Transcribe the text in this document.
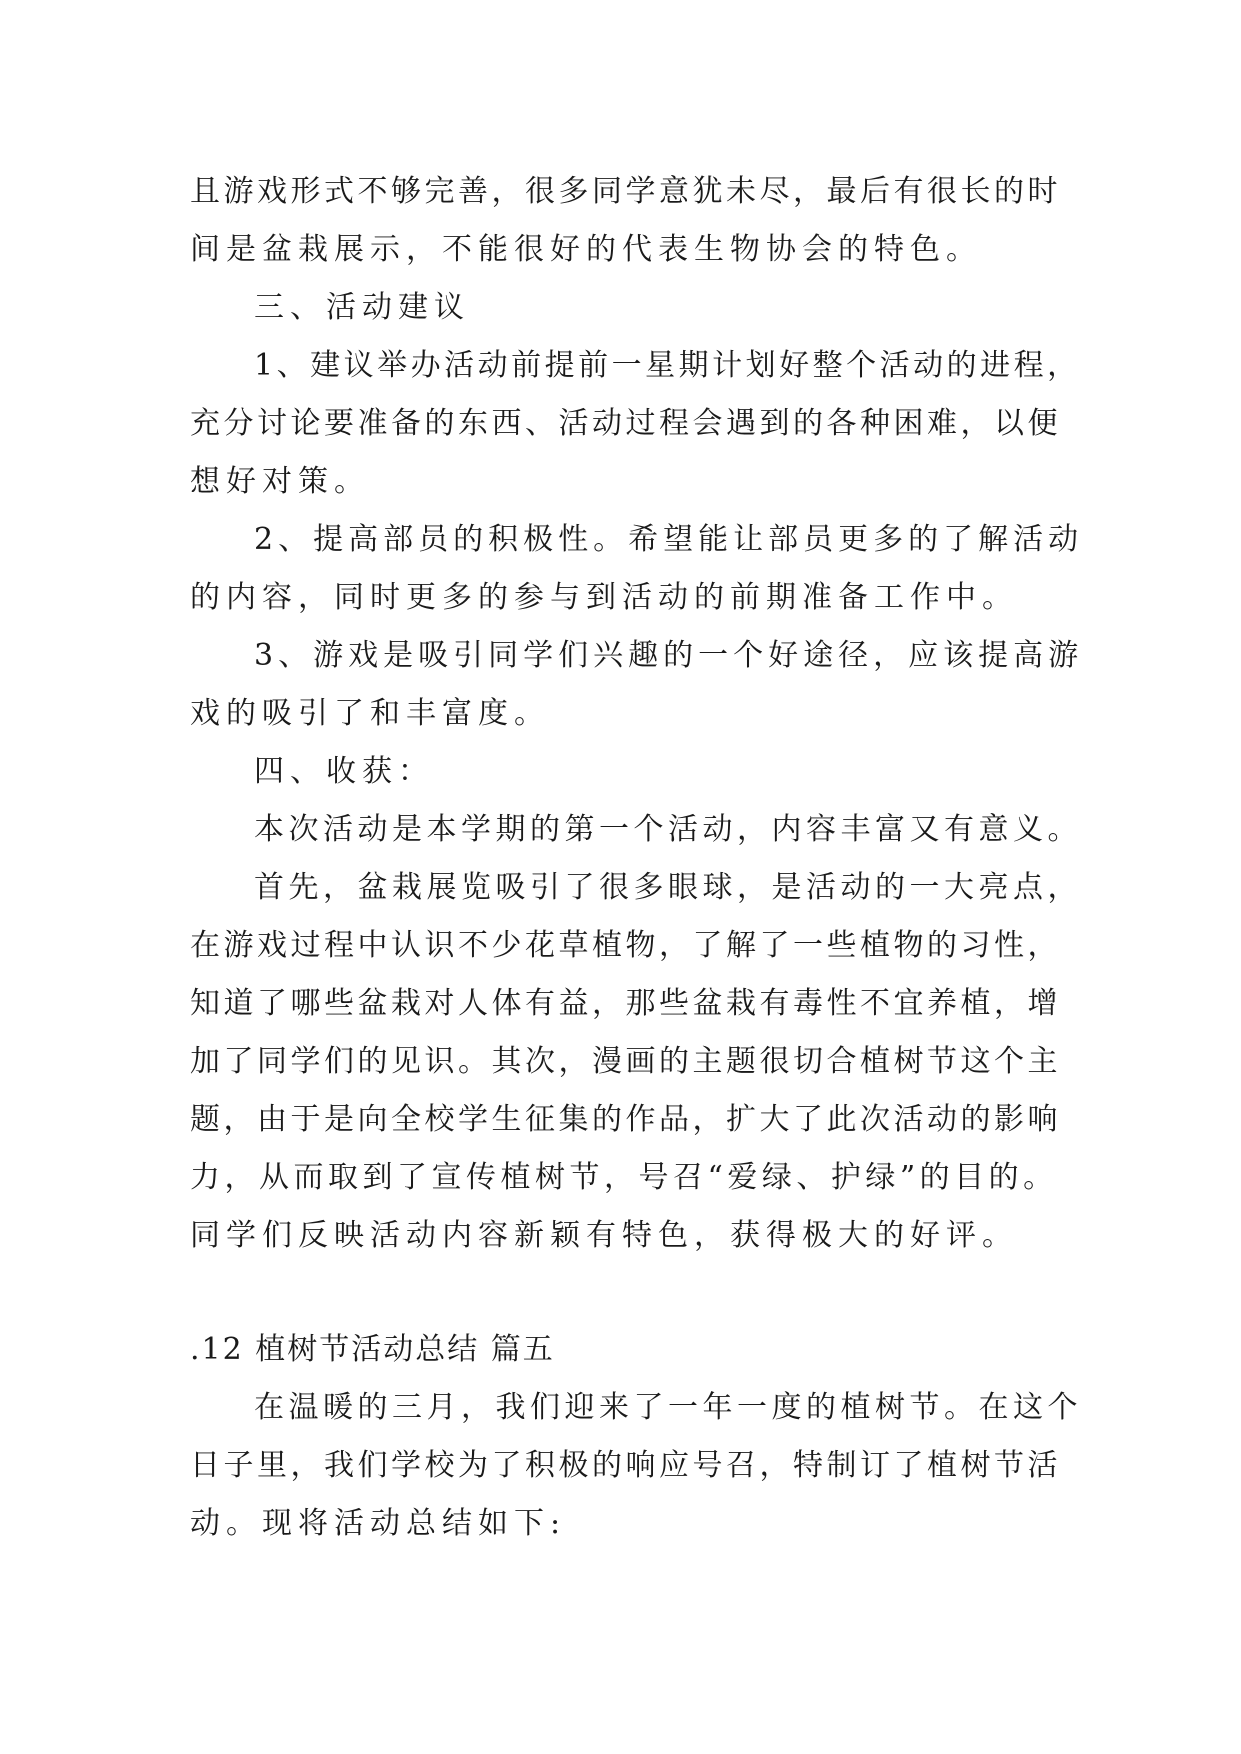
且游戏形式不够完善，很多同学意犹未尽，最后有很长的时
间是盆栽展示，不能很好的代表生物协会的特色。
三、活动建议
1、建议举办活动前提前一星期计划好整个活动的进程，
充分讨论要准备的东西、活动过程会遇到的各种困难，以便
想好对策。
2、提高部员的积极性。希望能让部员更多的了解活动
的内容，同时更多的参与到活动的前期准备工作中。
3、游戏是吸引同学们兴趣的一个好途径，应该提高游
戏的吸引了和丰富度。
四、收获：
本次活动是本学期的第一个活动，内容丰富又有意义。
首先，盆栽展览吸引了很多眼球，是活动的一大亮点，
在游戏过程中认识不少花草植物，了解了一些植物的习性，
知道了哪些盆栽对人体有益，那些盆栽有毒性不宜养植，增
加了同学们的见识。其次，漫画的主题很切合植树节这个主
题，由于是向全校学生征集的作品，扩大了此次活动的影响
力，从而取到了宣传植树节，号召“爱绿、护绿”的目的。
同学们反映活动内容新颖有特色，获得极大的好评。
.12 植树节活动总结 篇五
在温暖的三月，我们迎来了一年一度的植树节。在这个
日子里，我们学校为了积极的响应号召，特制订了植树节活
动。现将活动总结如下:
